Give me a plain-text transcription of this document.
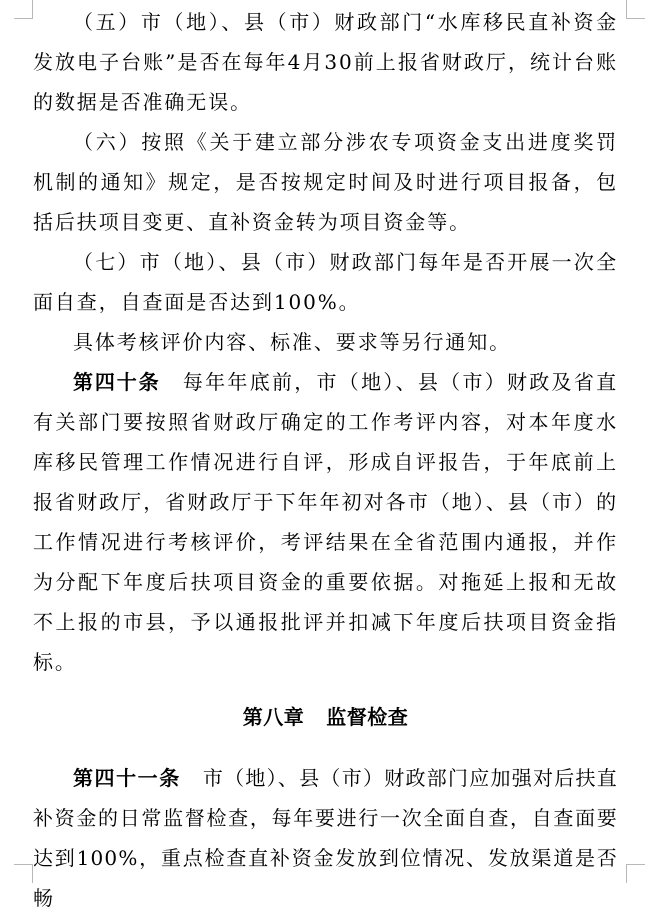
（五）市（地）、县（市）财政部门“水库移民直补资金发放电子台账”是否在每年4月30前上报省财政厅，统计台账的数据是否准确无误。

（六）按照《关于建立部分涉农专项资金支出进度奖罚机制的通知》规定，是否按规定时间及时进行项目报备，包括后扶项目变更、直补资金转为项目资金等。

（七）市（地）、县（市）财政部门每年是否开展一次全面自查，自查面是否达到100%。

具体考核评价内容、标准、要求等另行通知。

第四十条 每年年底前，市（地）、县（市）财政及省直有关部门要按照省财政厅确定的工作考评内容，对本年度水库移民管理工作情况进行自评，形成自评报告，于年底前上报省财政厅，省财政厅于下年年初对各市（地）、县（市）的工作情况进行考核评价，考评结果在全省范围内通报，并作为分配下年度后扶项目资金的重要依据。对拖延上报和无故不上报的市县，予以通报批评并扣减下年度后扶项目资金指标。

第八章 监督检查

第四十一条 市（地）、县（市）财政部门应加强对后扶直补资金的日常监督检查，每年要进行一次全面自查，自查面要达到100%，重点检查直补资金发放到位情况、发放渠道是否畅
